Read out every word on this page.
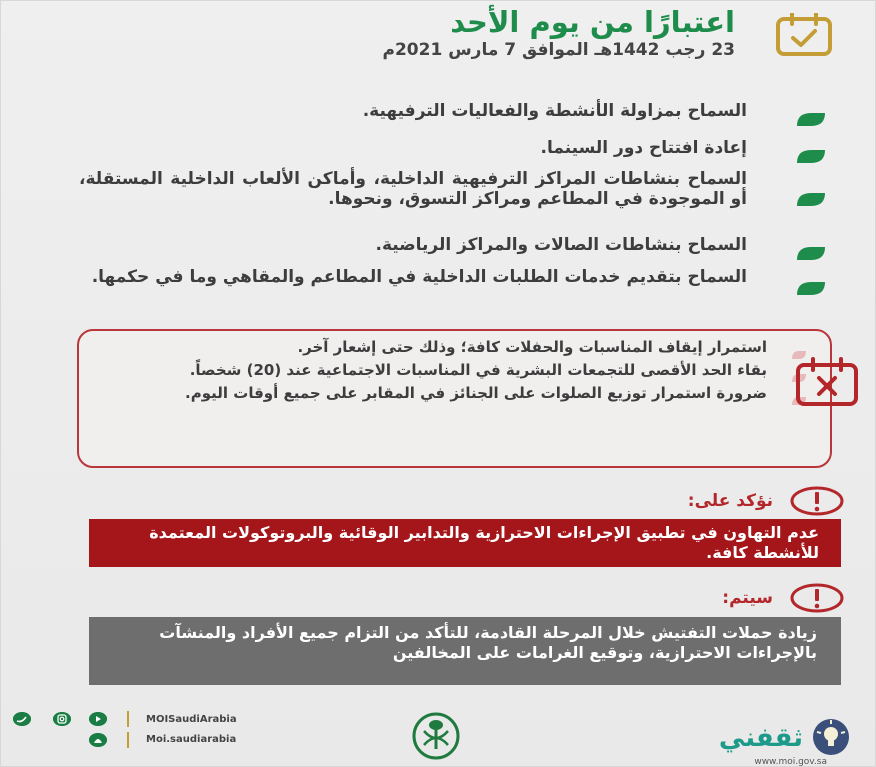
اعتبارًا من يوم الأحد
23 رجب 1442هـ الموافق 7 مارس 2021م
السماح بمزاولة الأنشطة والفعاليات الترفيهية.
إعادة افتتاح دور السينما.
السماح بنشاطات المراكز الترفيهية الداخلية، وأماكن الألعاب الداخلية المستقلة، أو الموجودة في المطاعم ومراكز التسوق، ونحوها.
السماح بنشاطات الصالات والمراكز الرياضية.
السماح بتقديم خدمات الطلبات الداخلية في المطاعم والمقاهي وما في حكمها.
استمرار إيقاف المناسبات والحفلات كافة؛ وذلك حتى إشعار آخر.
بقاء الحد الأقصى للتجمعات البشرية في المناسبات الاجتماعية عند (20) شخصاً.
ضرورة استمرار توزيع الصلوات على الجنائز في المقابر على جميع أوقات اليوم.
نؤكد على:
عدم التهاون في تطبيق الإجراءات الاحترازية والتدابير الوقائية والبروتوكولات المعتمدة للأنشطة كافة.
سيتم:
زيادة حملات التفتيش خلال المرحلة القادمة، للتأكد من التزام جميع الأفراد والمنشآت بالإجراءات الاحترازية، وتوقيع الغرامات على المخالفين
MOISaudiArabia
Moi.saudiarabia	ثقفني
www.moi.gov.sa
